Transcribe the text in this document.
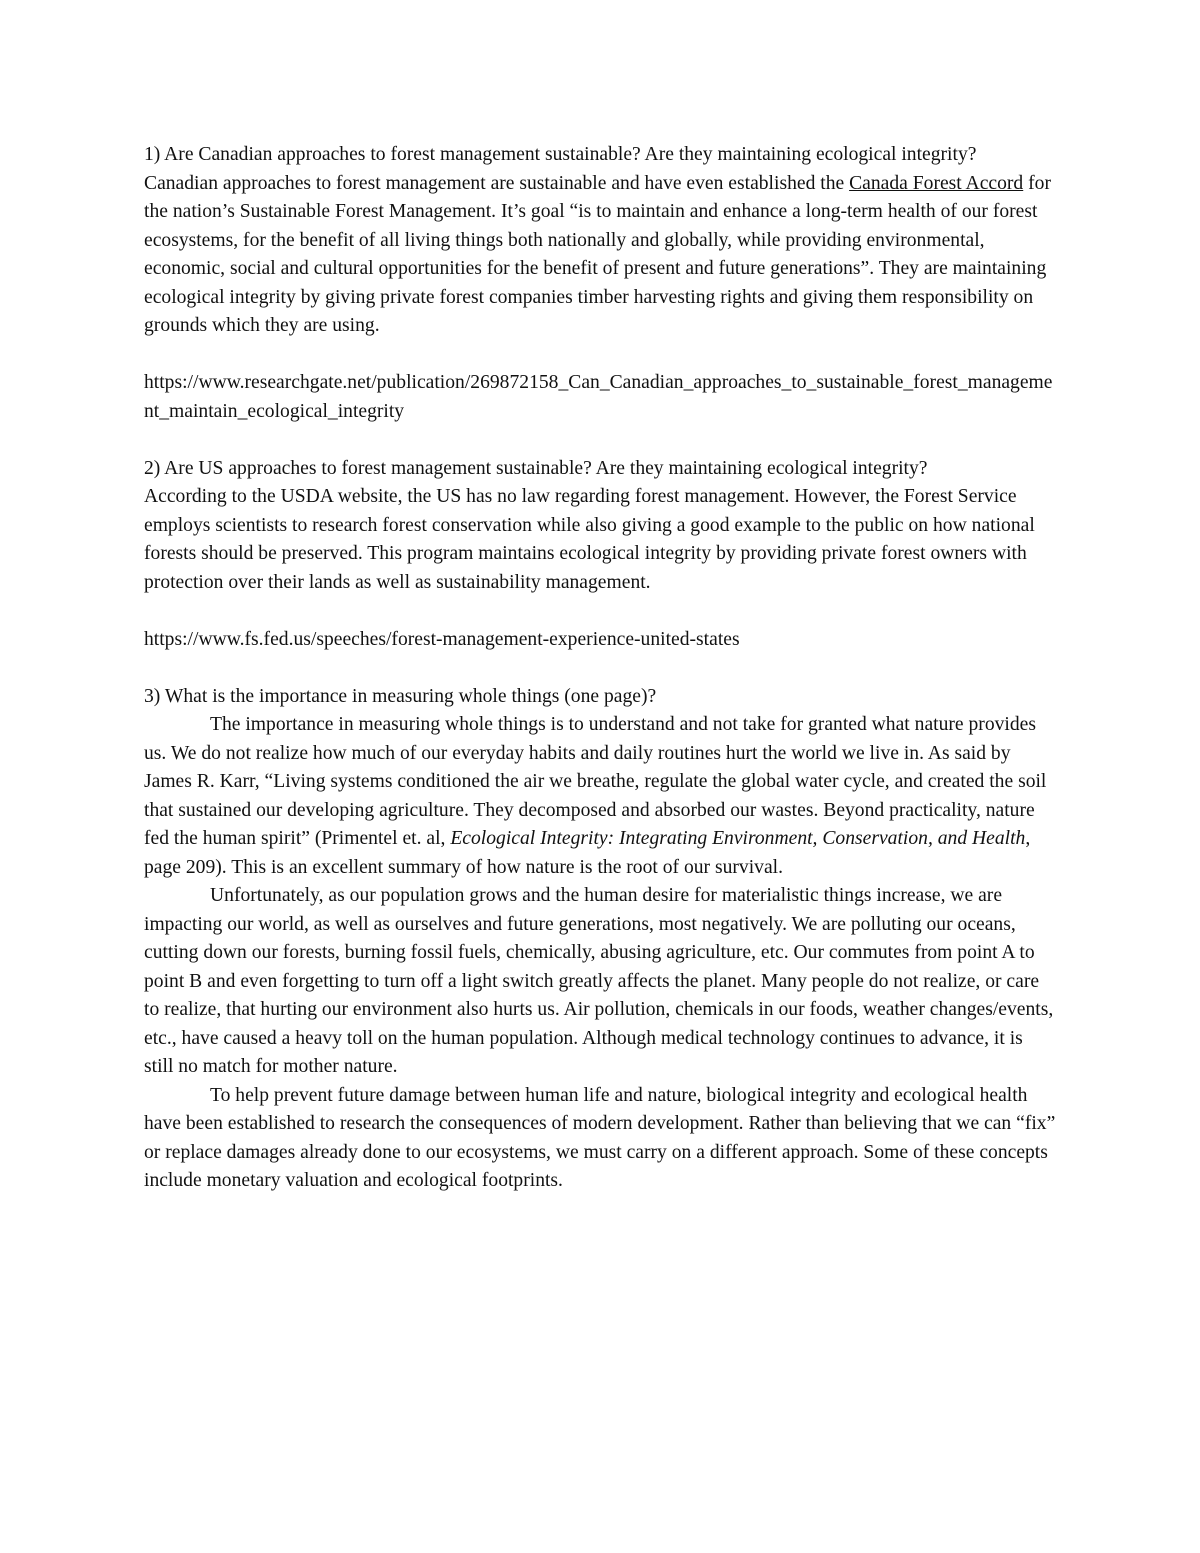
1) Are Canadian approaches to forest management sustainable? Are they maintaining ecological integrity?

Canadian approaches to forest management are sustainable and have even established the Canada Forest Accord for the nation’s Sustainable Forest Management. It’s goal “is to maintain and enhance a long-term health of our forest ecosystems, for the benefit of all living things both nationally and globally, while providing environmental, economic, social and cultural opportunities for the benefit of present and future generations”. They are maintaining ecological integrity by giving private forest companies timber harvesting rights and giving them responsibility on grounds which they are using.

https://www.researchgate.net/publication/269872158_Can_Canadian_approaches_to_sustainable_forest_management_maintain_ecological_integrity

2) Are US approaches to forest management sustainable? Are they maintaining ecological integrity?

According to the USDA website, the US has no law regarding forest management. However, the Forest Service employs scientists to research forest conservation while also giving a good example to the public on how national forests should be preserved. This program maintains ecological integrity by providing private forest owners with protection over their lands as well as sustainability management.

https://www.fs.fed.us/speeches/forest-management-experience-united-states

3) What is the importance in measuring whole things (one page)?

The importance in measuring whole things is to understand and not take for granted what nature provides us. We do not realize how much of our everyday habits and daily routines hurt the world we live in. As said by James R. Karr, “Living systems conditioned the air we breathe, regulate the global water cycle, and created the soil that sustained our developing agriculture. They decomposed and absorbed our wastes. Beyond practicality, nature fed the human spirit” (Primentel et. al, Ecological Integrity: Integrating Environment, Conservation, and Health, page 209). This is an excellent summary of how nature is the root of our survival.

Unfortunately, as our population grows and the human desire for materialistic things increase, we are impacting our world, as well as ourselves and future generations, most negatively. We are polluting our oceans, cutting down our forests, burning fossil fuels, chemically, abusing agriculture, etc. Our commutes from point A to point B and even forgetting to turn off a light switch greatly affects the planet. Many people do not realize, or care to realize, that hurting our environment also hurts us. Air pollution, chemicals in our foods, weather changes/events, etc., have caused a heavy toll on the human population. Although medical technology continues to advance, it is still no match for mother nature.

To help prevent future damage between human life and nature, biological integrity and ecological health have been established to research the consequences of modern development. Rather than believing that we can “fix” or replace damages already done to our ecosystems, we must carry on a different approach. Some of these concepts include monetary valuation and ecological footprints.
